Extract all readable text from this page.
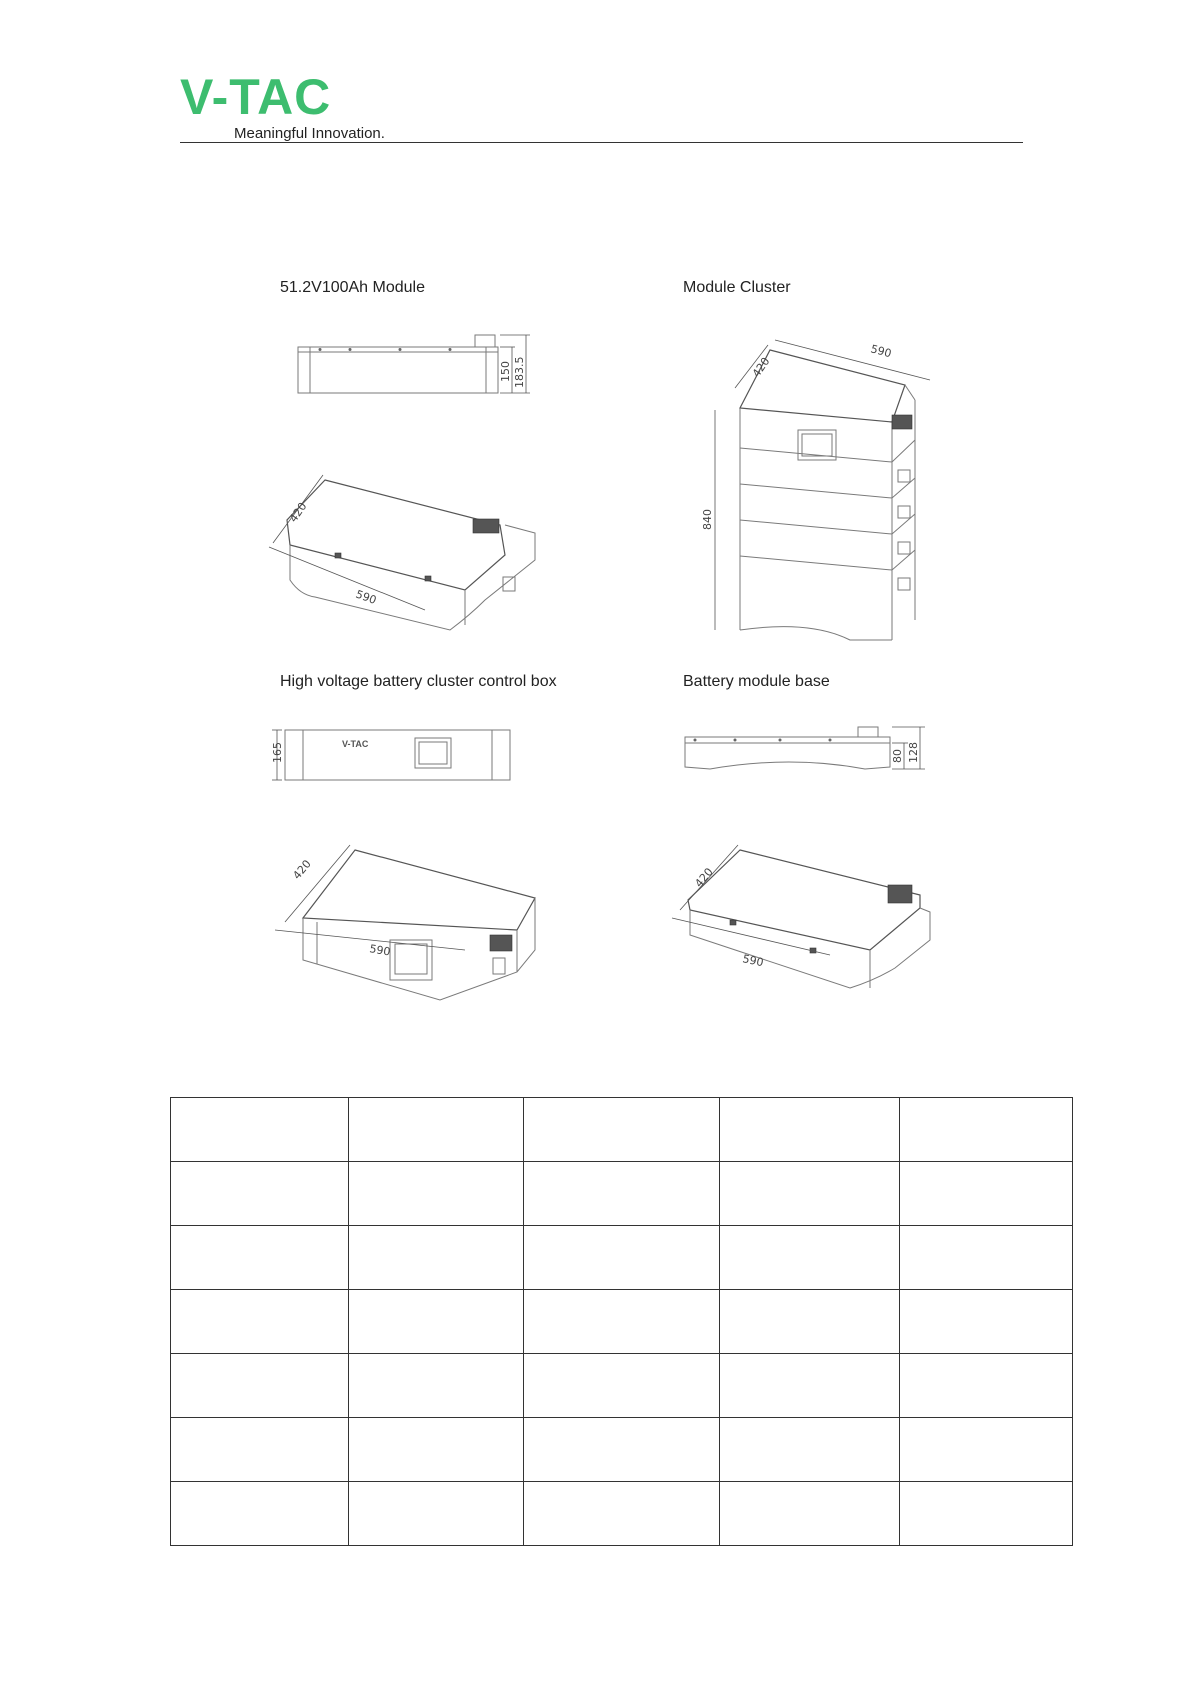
V-TAC
Meaningful Innovation.
51.2V100Ah Module	Module Cluster
High voltage battery cluster control box	Battery module base
150 183.5
420
590
420
590
840
V-TAC
165
420
590
80 128
420
590
